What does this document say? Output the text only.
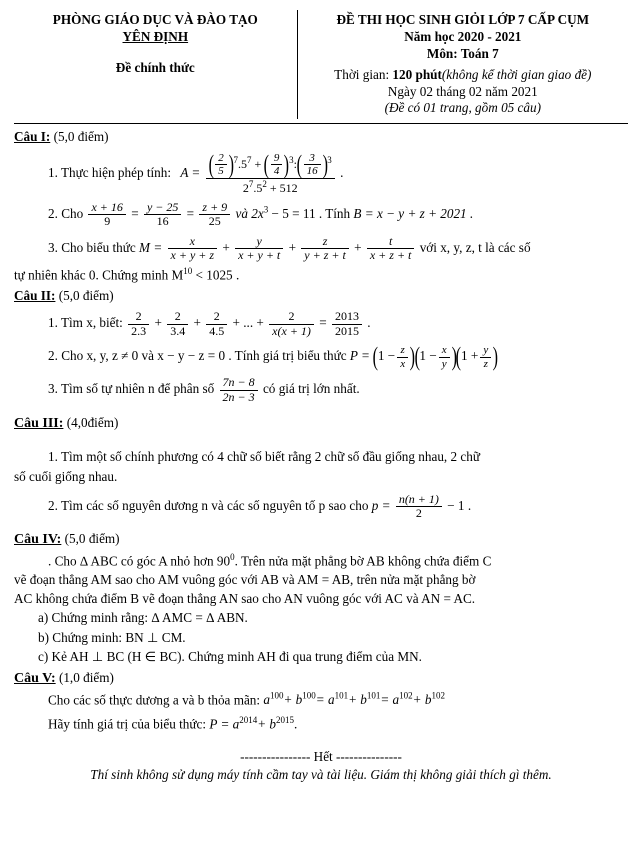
PHÒNG GIÁO DỤC VÀ ĐÀO TẠO
YÊN ĐỊNH
Đề chính thức

ĐỀ THI HỌC SINH GIỎI LỚP 7 CẤP CỤM
Năm học 2020 - 2021
Môn: Toán 7
Thời gian: 120 phút(không kể thời gian giao đề)
Ngày 02 tháng 02 năm 2021
(Đề có 01 trang, gồm 05 câu)
Câu I: (5,0 điểm)
1. Thực hiện phép tính: $A = \frac{( \frac{2}{5} )^7.5^7 + ( \frac{9}{4} )^3:( \frac{3}{16} )^3}{2^7.5^2 + 512}$ .
2. Cho $\frac{x + 16}{9} = \frac{y - 25}{16} = \frac{z + 9}{25}$ và $2x^3 - 5 = 11$ . Tính B = x − y + z + 2021 .
3. Cho biểu thức $M = \frac{x}{x + y + z} + \frac{y}{x + y + t} + \frac{z}{y + z + t} + \frac{t}{x + z + t}$ với x, y, z, t là các số
tự nhiên khác 0. Chứng minh $M^{10} < 1025$ .
Câu II: (5,0 điểm)
1. Tìm x, biết: $\frac{2}{2.3} + \frac{2}{3.4} + \frac{2}{4.5}$ + ... + $\frac{2}{x(x + 1)} = \frac{2013}{2015}$ .
2. Cho x, y, z ≠ 0 và x − y − z = 0 . Tính giá trị biểu thức $P = (1 - \frac{z}{x} )(1 - \frac{x}{y} )(1 + \frac{y}{z}$ )
3. Tìm số tự nhiên n để phân số $\frac{7n - 8}{2n - 3}$ có giá trị lớn nhất.
Câu III: (4,0điểm)
1. Tìm một số chính phương có 4 chữ số biết rằng 2 chữ số đầu giống nhau, 2 chữ
số cuối giống nhau.
2. Tìm các số nguyên dương n và các số nguyên tố p sao cho $p = \frac{n(n + 1)}{2} - 1$ .
Câu IV: (5,0 điểm)
. Cho ∆ ABC có góc A nhỏ hơn $90^0$. Trên nửa mặt phẳng bờ AB không chứa điểm C
vẽ đoạn thẳng AM sao cho AM vuông góc với AB và AM = AB, trên nửa mặt phẳng bờ
AC không chứa điểm B vẽ đoạn thẳng AN sao cho AN vuông góc với AC và AN = AC.
a) Chứng minh rằng: ∆ AMC = ∆ ABN.
b) Chứng minh: BN ⊥ CM.
c) Kẻ AH ⊥ BC (H ∈ BC). Chứng minh AH đi qua trung điểm của MN.
Câu V: (1,0 điểm)
Cho các số thực dương a và b thỏa mãn: $a^{100}+ b^{100}= a^{101}+ b^{101}= a^{102}+ b^{102}$
Hãy tính giá trị của biểu thức: $P = a^{2014}+ b^{2015}$.
---------------- Hết ---------------
Thí sinh không sử dụng máy tính cầm tay và tài liệu. Giám thị không giải thích gì thêm.
